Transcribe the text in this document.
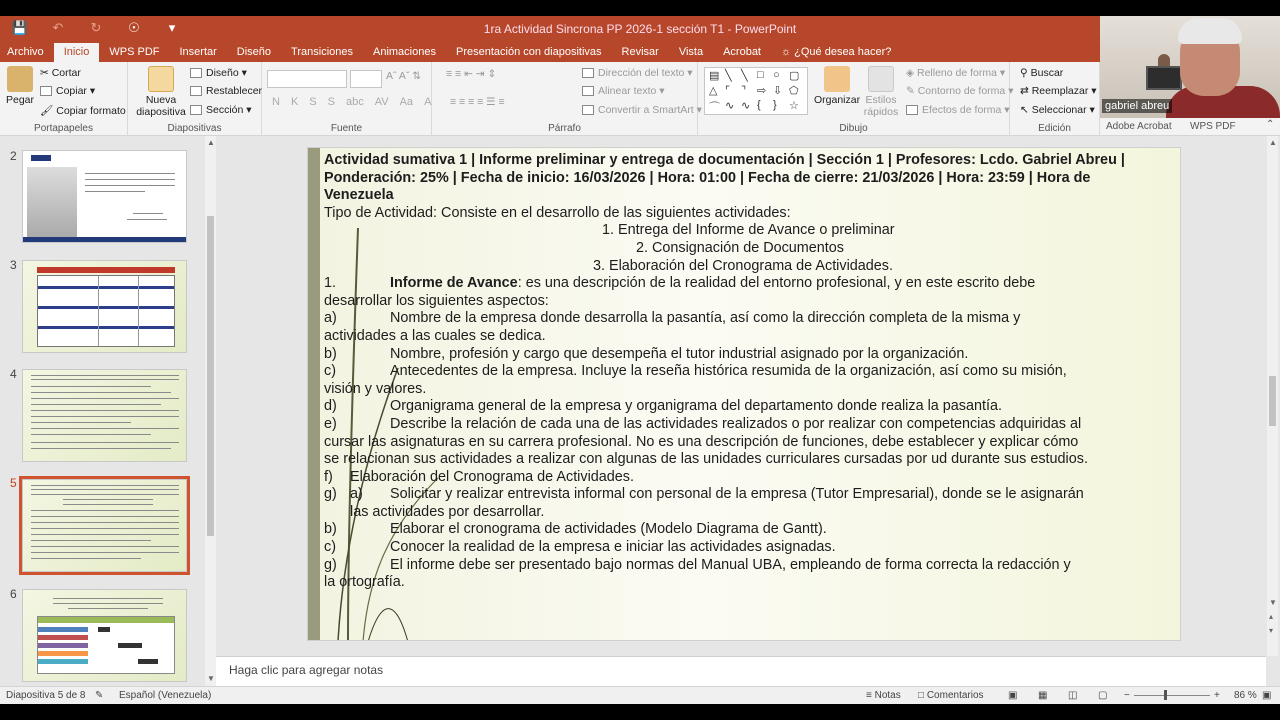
💾	↶	↻	☉	▾	1ra Actividad Sincrona PP 2026-1 sección T1 - PowerPoint
Archivo	Inicio	WPS PDF	Insertar	Diseño	Transiciones	Animaciones	Presentación con diapositivas	Revisar	Vista	Acrobat	☼ ¿Qué desea hacer?
Pegar
✂ Cortar
Copiar ▾
🖌 Copiar formato
Portapapeles
Nueva
diapositiva
Diseño ▾
Restablecer
Sección ▾
Diapositivas
Aˆ Aˇ ⇅
N K S S abc AV Aa A
Fuente
≡ ≡ ⇤ ⇥ ⇕
≡ ≡ ≡ ≡ ☰ ≡
Dirección del texto ▾
Alinear texto ▾
Convertir a SmartArt ▾
Párrafo	Dibujo
▤ ╲ ╲ □ ○ ▢
△ ⌜ ⌝ ⇨ ⇩ ⬠
⌒ ∿ ∿ { } ☆ Organizar Estilos
rápidos
◈ Relleno de forma ▾
✎ Contorno de forma ▾
Efectos de forma ▾
⚲ Buscar
⇄ Reemplazar ▾
↖ Seleccionar ▾
Edición
gabriel abreu
Adobe Acrobat WPS PDF	⌃
2
3
4
5
6
▲
▼
Actividad sumativa 1 | Informe preliminar y entrega de documentación | Sección 1 | Profesores: Lcdo. Gabriel Abreu |
Ponderación: 25% | Fecha de inicio: 16/03/2026 | Hora: 01:00 | Fecha de cierre: 21/03/2026 | Hora: 23:59 | Hora de
Venezuela
Tipo de Actividad: Consiste en el desarrollo de las siguientes actividades:
1. Entrega del Informe de Avance o preliminar
2. Consignación de Documentos
3. Elaboración del Cronograma de Actividades.
1.	Informe de Avance: es una descripción de la realidad del entorno profesional, y en este escrito debe
desarrollar los siguientes aspectos:
a)	Nombre de la empresa donde desarrolla la pasantía, así como la dirección completa de la misma y
actividades a las cuales se dedica.
b)	Nombre, profesión y cargo que desempeña el tutor industrial asignado por la organización.
c)	Antecedentes de la empresa. Incluye la reseña histórica resumida de la organización, así como su misión,
visión y valores.
d)	Organigrama general de la empresa y organigrama del departamento donde realiza la pasantía.
e)	Describe la relación de cada una de las actividades realizados o por realizar con competencias adquiridas al
cursar las asignaturas en su carrera profesional. No es una descripción de funciones, debe establecer y explicar cómo
se relacionan sus actividades a realizar con algunas de las unidades curriculares cursadas por ud durante sus estudios.
f) Elaboración del Cronograma de Actividades.
g) a) Solicitar y realizar entrevista informal con personal de la empresa (Tutor Empresarial), donde se le asignarán
las actividades por desarrollar.
b)	Elaborar el cronograma de actividades (Modelo Diagrama de Gantt).
c)	Conocer la realidad de la empresa e iniciar las actividades asignadas.
g)	El informe debe ser presentado bajo normas del Manual UBA, empleando de forma correcta la redacción y
la ortografía.
▲
▼
▴
▾
Haga clic para agregar notas
Diapositiva 5 de 8 ✎ Español (Venezuela)	≡ Notas □ Comentarios ▣ ▦ ◫ ▢ −	+ 86 % ▣
